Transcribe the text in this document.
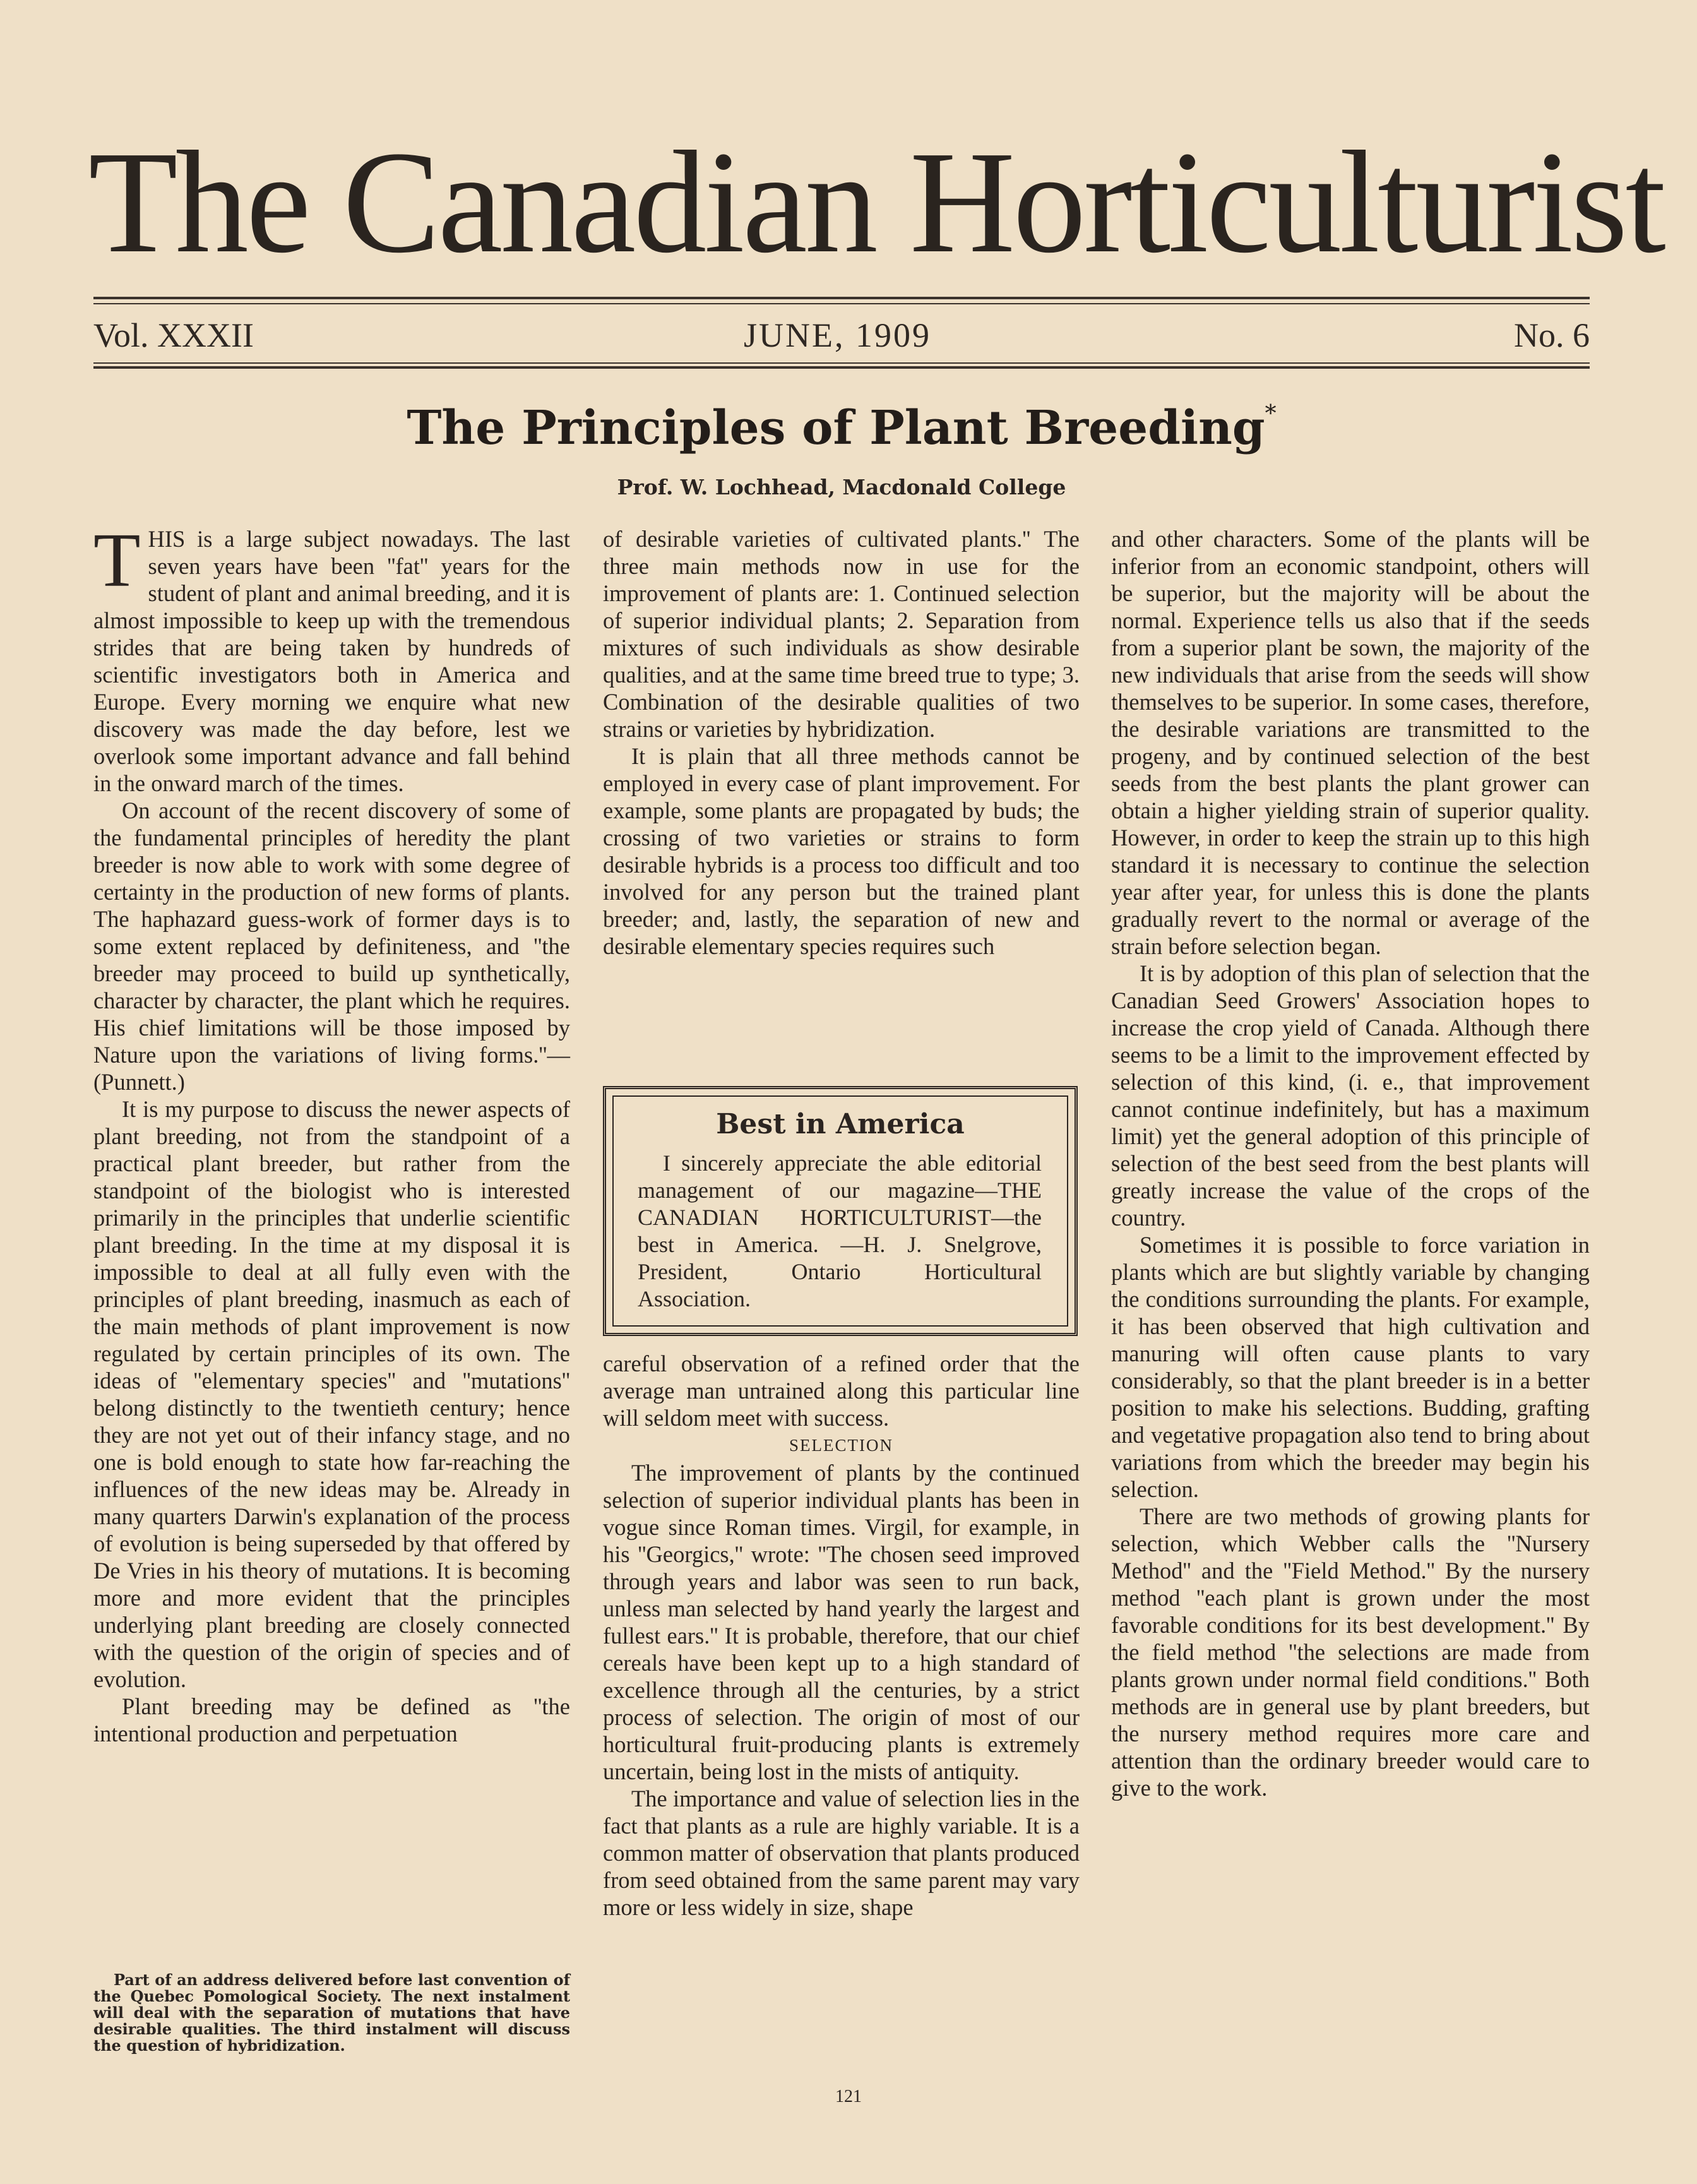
The Canadian Horticulturist
Vol. XXXII	JUNE, 1909	No. 6
The Principles of Plant Breeding*
Prof. W. Lochhead, Macdonald College

THIS is a large subject nowadays. The last seven years have been ''fat'' years for the student of plant and animal breeding, and it is almost impossible to keep up with the tremendous strides that are being taken by hundreds of scientific investigators both in America and Europe. Every morning we enquire what new discovery was made the day before, lest we overlook some important advance and fall behind in the onward march of the times.

On account of the recent discovery of some of the fundamental principles of heredity the plant breeder is now able to work with some degree of certainty in the production of new forms of plants. The haphazard guess-work of former days is to some extent replaced by definiteness, and ''the breeder may proceed to build up synthetically, character by character, the plant which he requires. His chief limitations will be those imposed by Nature upon the variations of living forms.''—(Punnett.)

It is my purpose to discuss the newer aspects of plant breeding, not from the standpoint of a practical plant breeder, but rather from the standpoint of the biologist who is interested primarily in the principles that underlie scientific plant breeding. In the time at my disposal it is impossible to deal at all fully even with the principles of plant breeding, inasmuch as each of the main methods of plant improvement is now regulated by certain principles of its own. The ideas of ''elementary species'' and ''mutations'' belong distinctly to the twentieth century; hence they are not yet out of their infancy stage, and no one is bold enough to state how far-reaching the influences of the new ideas may be. Already in many quarters Darwin's explanation of the process of evolution is being superseded by that offered by De Vries in his theory of mutations. It is becoming more and more evident that the principles underlying plant breeding are closely connected with the question of the origin of species and of evolution.

Plant breeding may be defined as ''the intentional production and perpetuation

Part of an address delivered before last convention of the Quebec Pomological Society. The next instalment will deal with the separation of mutations that have desirable qualities. The third instalment will discuss the question of hybridization.

of desirable varieties of cultivated plants.'' The three main methods now in use for the improvement of plants are: 1. Continued selection of superior individual plants; 2. Separation from mixtures of such individuals as show desirable qualities, and at the same time breed true to type; 3. Combination of the desirable qualities of two strains or varieties by hybridization.

It is plain that all three methods cannot be employed in every case of plant improvement. For example, some plants are propagated by buds; the crossing of two varieties or strains to form desirable hybrids is a process too difficult and too involved for any person but the trained plant breeder; and, lastly, the separation of new and desirable elementary species requires such

Best in America
I sincerely appreciate the able editorial management of our magazine—THE CANADIAN HORTICULTURIST—the best in America. —H. J. Snelgrove, President, Ontario Horticultural Association.

careful observation of a refined order that the average man untrained along this particular line will seldom meet with success.

SELECTION

The improvement of plants by the continued selection of superior individual plants has been in vogue since Roman times. Virgil, for example, in his ''Georgics,'' wrote: ''The chosen seed improved through years and labor was seen to run back, unless man selected by hand yearly the largest and fullest ears.'' It is probable, therefore, that our chief cereals have been kept up to a high standard of excellence through all the centuries, by a strict process of selection. The origin of most of our horticultural fruit-producing plants is extremely uncertain, being lost in the mists of antiquity.

The importance and value of selection lies in the fact that plants as a rule are highly variable. It is a common matter of observation that plants produced from seed obtained from the same parent may vary more or less widely in size, shape

and other characters. Some of the plants will be inferior from an economic standpoint, others will be superior, but the majority will be about the normal. Experience tells us also that if the seeds from a superior plant be sown, the majority of the new individuals that arise from the seeds will show themselves to be superior. In some cases, therefore, the desirable variations are transmitted to the progeny, and by continued selection of the best seeds from the best plants the plant grower can obtain a higher yielding strain of superior quality. However, in order to keep the strain up to this high standard it is necessary to continue the selection year after year, for unless this is done the plants gradually revert to the normal or average of the strain before selection began.

It is by adoption of this plan of selection that the Canadian Seed Growers' Association hopes to increase the crop yield of Canada. Although there seems to be a limit to the improvement effected by selection of this kind, (i. e., that improvement cannot continue indefinitely, but has a maximum limit) yet the general adoption of this principle of selection of the best seed from the best plants will greatly increase the value of the crops of the country.

Sometimes it is possible to force variation in plants which are but slightly variable by changing the conditions surrounding the plants. For example, it has been observed that high cultivation and manuring will often cause plants to vary considerably, so that the plant breeder is in a better position to make his selections. Budding, grafting and vegetative propagation also tend to bring about variations from which the breeder may begin his selection.

There are two methods of growing plants for selection, which Webber calls the ''Nursery Method'' and the ''Field Method.'' By the nursery method ''each plant is grown under the most favorable conditions for its best development.'' By the field method ''the selections are made from plants grown under normal field conditions.'' Both methods are in general use by plant breeders, but the nursery method requires more care and attention than the ordinary breeder would care to give to the work.

121
